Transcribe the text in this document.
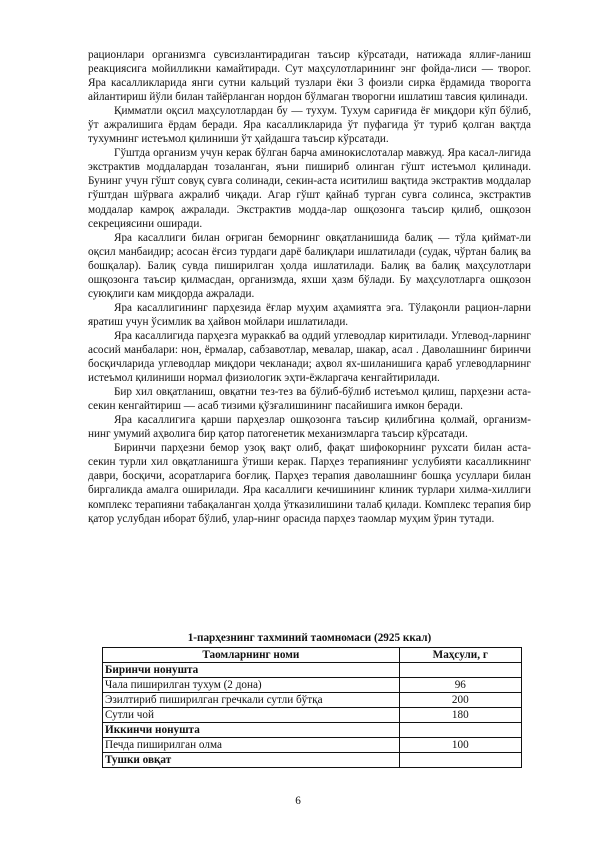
рационлари организмга сувсизлантирадиган таъсир кўрсатади, натижада яллиғ-ланиш реакциясига мойилликни камайтиради. Сут маҳсулотларининг энг фойда-лиси — творог. Яра касалликларида янги сутни кальций тузлари ёки 3 фоизли сирка ёрдамида творогга айлантириш йўли билан тайёрланган нордон бўлмаган творогни ишлатиш тавсия қилинади.

Қимматли оқсил маҳсулотлардан бу — тухум. Тухум сариғида ёғ миқдори кўп бўлиб, ўт ажралишига ёрдам беради. Яра касалликларида ўт пуфагида ўт туриб қолган вақтда тухумнинг истеъмол қилиниши ўт ҳайдашга таъсир кўрсатади.

Гўштда организм учун керак бўлган барча аминокислоталар мавжуд. Яра касал-лигида экстрактив моддалардан тозаланган, яъни пишириб олинган гўшт истеъмол қилинади. Бунинг учун гўшт совуқ сувга солинади, секин-аста иситилиш вақтида экстрактив моддалар гўштдан шўрвага ажралиб чиқади. Агар гўшт қайнаб турган сувга солинса, экстрактив моддалар камроқ ажралади. Экстрактив модда-лар ошқозонга таъсир қилиб, ошқозон секрециясини оширади.

Яра касаллиги билан оғриган беморнинг овқатланишида балиқ — тўла қиймат-ли оқсил манбаидир; асосан ёғсиз турдаги дарё балиқлари ишлатилади (судак, чўртан балиқ ва бошқалар). Балиқ сувда пиширилган ҳолда ишлатилади. Балиқ ва балиқ маҳсулотлари ошқозонга таъсир қилмасдан, организмда, яхши ҳазм бўлади. Бу маҳсулотларга ошқозон суюқлиги кам миқдорда ажралади.

Яра касаллигининг парҳезида ёғлар муҳим аҳамиятга эга. Тўлақонли рацион-ларни яратиш учун ўсимлик ва ҳайвон мойлари ишлатилади.

Яра касаллигида парҳезга мураккаб ва оддий углеводлар киритилади. Углевод-ларнинг асосий манбалари: нон, ёрмалар, сабзавотлар, мевалар, шакар, асал . Даволашнинг биринчи босқичларида углеводлар миқдори чекланади; аҳвол ях-шиланишига қараб углеводларнинг истеъмол қилиниши нормал физиологик эҳти-ёжларгача кенгайтирилади.

Бир хил овқатланиш, овқатни тез-тез ва бўлиб-бўлиб истеъмол қилиш, парҳезни аста-секин кенгайтириш — асаб тизими қўзғалишининг пасайишига имкон беради.

Яра касаллигига қарши парҳезлар ошқозонга таъсир қилибгина қолмай, организм-нинг умумий аҳволига бир қатор патогенетик механизмларга таъсир кўрсатади.

Биринчи парҳезни бемор узоқ вақт олиб, фақат шифокорнинг рухсати билан аста-секин турли хил овқатланишга ўтиши керак. Парҳез терапиянинг услубияти касалликнинг даври, босқичи, асоратларига боғлиқ. Парҳез терапия даволашнинг бошқа усуллари билан биргаликда амалга оширилади. Яра касаллиги кечишининг клиник турлари хилма-хиллиги комплекс терапияни табақаланган ҳолда ўтказилишини талаб қилади. Комплекс терапия бир қатор услубдан иборат бўлиб, улар-нинг орасида парҳез таомлар муҳим ўрин тутади.

1-парҳезнинг тахминий таомномаси (2925 ккал)
Таомларнинг номи	Маҳсули, г
Биринчи нонушта	
Чала пиширилган тухум (2 дона)	96
Эзилтириб пиширилган гречкали сутли бўтқа	200
Сутли чой	180
Иккинчи нонушта	
Печда пиширилган олма	100
Тушки овқат	
6
